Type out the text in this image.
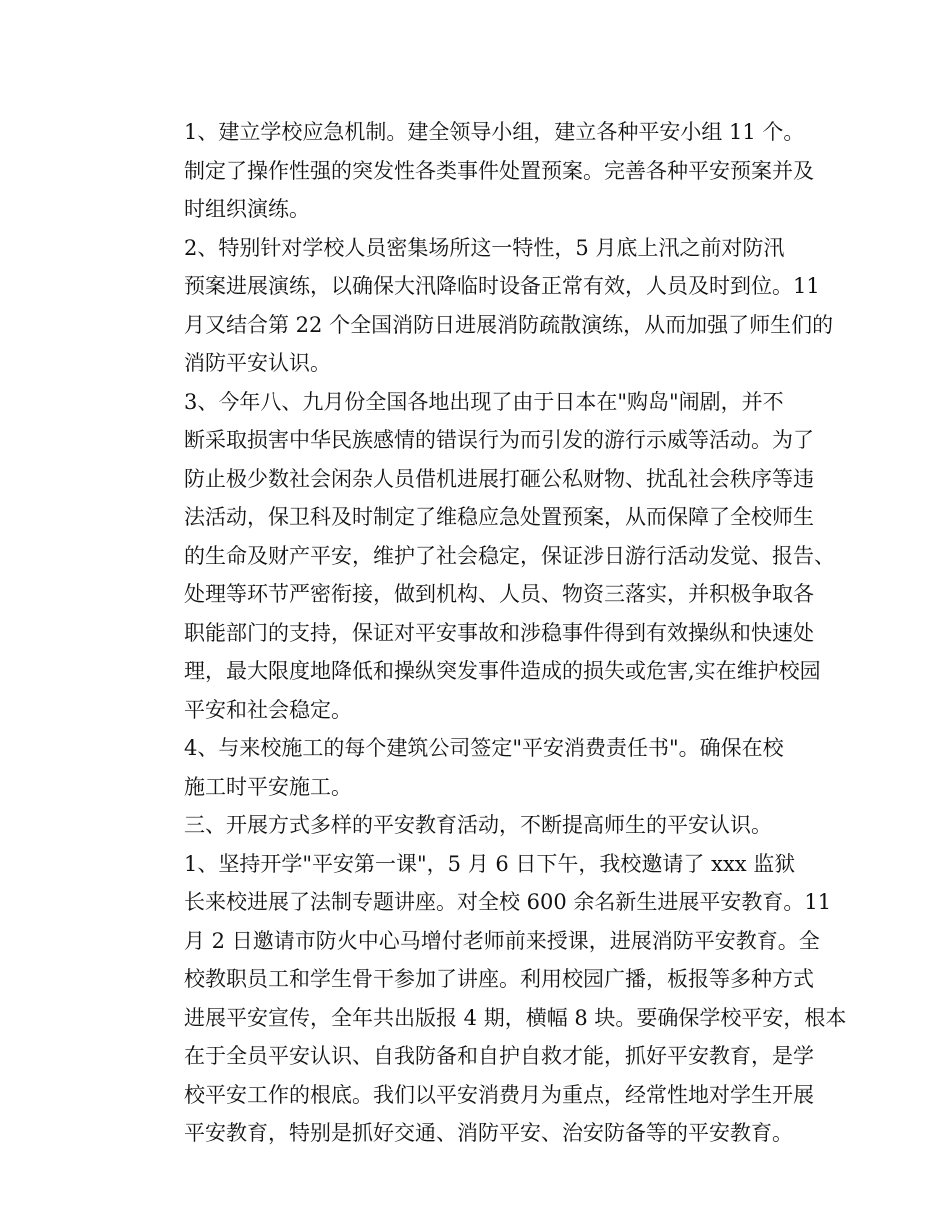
1、建立学校应急机制。建全领导小组，建立各种平安小组 11 个。
制定了操作性强的突发性各类事件处置预案。完善各种平安预案并及
时组织演练。

2、特别针对学校人员密集场所这一特性，5 月底上汛之前对防汛
预案进展演练，以确保大汛降临时设备正常有效，人员及时到位。11
月又结合第 22 个全国消防日进展消防疏散演练，从而加强了师生们的
消防平安认识。

3、今年八、九月份全国各地出现了由于日本在"购岛"闹剧，并不
断采取损害中华民族感情的错误行为而引发的游行示威等活动。为了
防止极少数社会闲杂人员借机进展打砸公私财物、扰乱社会秩序等违
法活动，保卫科及时制定了维稳应急处置预案，从而保障了全校师生
的生命及财产平安，维护了社会稳定，保证涉日游行活动发觉、报告、
处理等环节严密衔接，做到机构、人员、物资三落实，并积极争取各
职能部门的支持，保证对平安事故和涉稳事件得到有效操纵和快速处
理，最大限度地降低和操纵突发事件造成的损失或危害,实在维护校园
平安和社会稳定。

4、与来校施工的每个建筑公司签定"平安消费责任书"。确保在校
施工时平安施工。

三、开展方式多样的平安教育活动，不断提高师生的平安认识。

1、坚持开学"平安第一课"，5 月 6 日下午，我校邀请了 xxx 监狱
长来校进展了法制专题讲座。对全校 600 余名新生进展平安教育。11
月 2 日邀请市防火中心马增付老师前来授课，进展消防平安教育。全
校教职员工和学生骨干参加了讲座。利用校园广播，板报等多种方式
进展平安宣传，全年共出版报 4 期，横幅 8 块。要确保学校平安，根本
在于全员平安认识、自我防备和自护自救才能，抓好平安教育，是学
校平安工作的根底。我们以平安消费月为重点，经常性地对学生开展
平安教育，特别是抓好交通、消防平安、治安防备等的平安教育。
